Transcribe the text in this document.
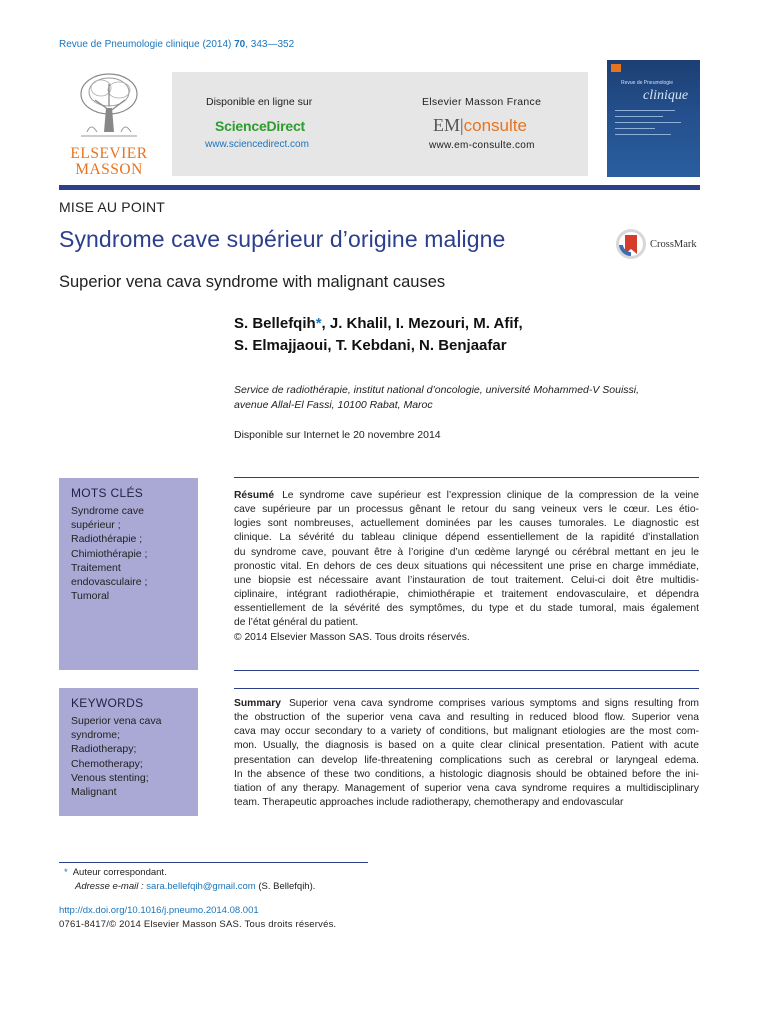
Revue de Pneumologie clinique (2014) 70, 343—352
ELSEVIER
MASSON
Disponible en ligne sur
ScienceDirect
www.sciencedirect.com
Elsevier Masson France
EM|consulte
www.em-consulte.com
Revue de Pneumologie
clinique
MISE AU POINT
Syndrome cave supérieur d’origine maligne	CrossMark
Superior vena cava syndrome with malignant causes
S. Bellefqih*, J. Khalil, I. Mezouri, M. Afif,
S. Elmajjaoui, T. Kebdani, N. Benjaafar
Service de radiothérapie, institut national d’oncologie, université Mohammed-V Souissi,
avenue Allal-El Fassi, 10100 Rabat, Maroc
Disponible sur Internet le 20 novembre 2014
MOTS CLÉS
Syndrome cave
supérieur ;
Radiothérapie ;
Chimiothérapie ;
Traitement
endovasculaire ;
Tumoral
KEYWORDS
Superior vena cava
syndrome;
Radiotherapy;
Chemotherapy;
Venous stenting;
Malignant
Résumé Le syndrome cave supérieur est l’expression clinique de la compression de la veine
cave supérieure par un processus gênant le retour du sang veineux vers le cœur. Les étio-
logies sont nombreuses, actuellement dominées par les causes tumorales. Le diagnostic est
clinique. La sévérité du tableau clinique dépend essentiellement de la rapidité d’installation
du syndrome cave, pouvant être à l’origine d’un œdème laryngé ou cérébral mettant en jeu le
pronostic vital. En dehors de ces deux situations qui nécessitent une prise en charge immédiate,
une biopsie est nécessaire avant l’instauration de tout traitement. Celui-ci doit être multidis-
ciplinaire, intégrant radiothérapie, chimiothérapie et traitement endovasculaire, et dépendra
essentiellement de la sévérité des symptômes, du type et du stade tumoral, mais également
de l’état général du patient.
© 2014 Elsevier Masson SAS. Tous droits réservés.
Summary Superior vena cava syndrome comprises various symptoms and signs resulting from
the obstruction of the superior vena cava and resulting in reduced blood flow. Superior vena
cava may occur secondary to a variety of conditions, but malignant etiologies are the most com-
mon. Usually, the diagnosis is based on a quite clear clinical presentation. Patient with acute
presentation can develop life-threatening complications such as cerebral or laryngeal edema.
In the absence of these two conditions, a histologic diagnosis should be obtained before the ini-
tiation of any therapy. Management of superior vena cava syndrome requires a multidisciplinary
team. Therapeutic approaches include radiotherapy, chemotherapy and endovascular
* Auteur correspondant.
Adresse e-mail : sara.bellefqih@gmail.com (S. Bellefqih).
http://dx.doi.org/10.1016/j.pneumo.2014.08.001
0761-8417/© 2014 Elsevier Masson SAS. Tous droits réservés.
